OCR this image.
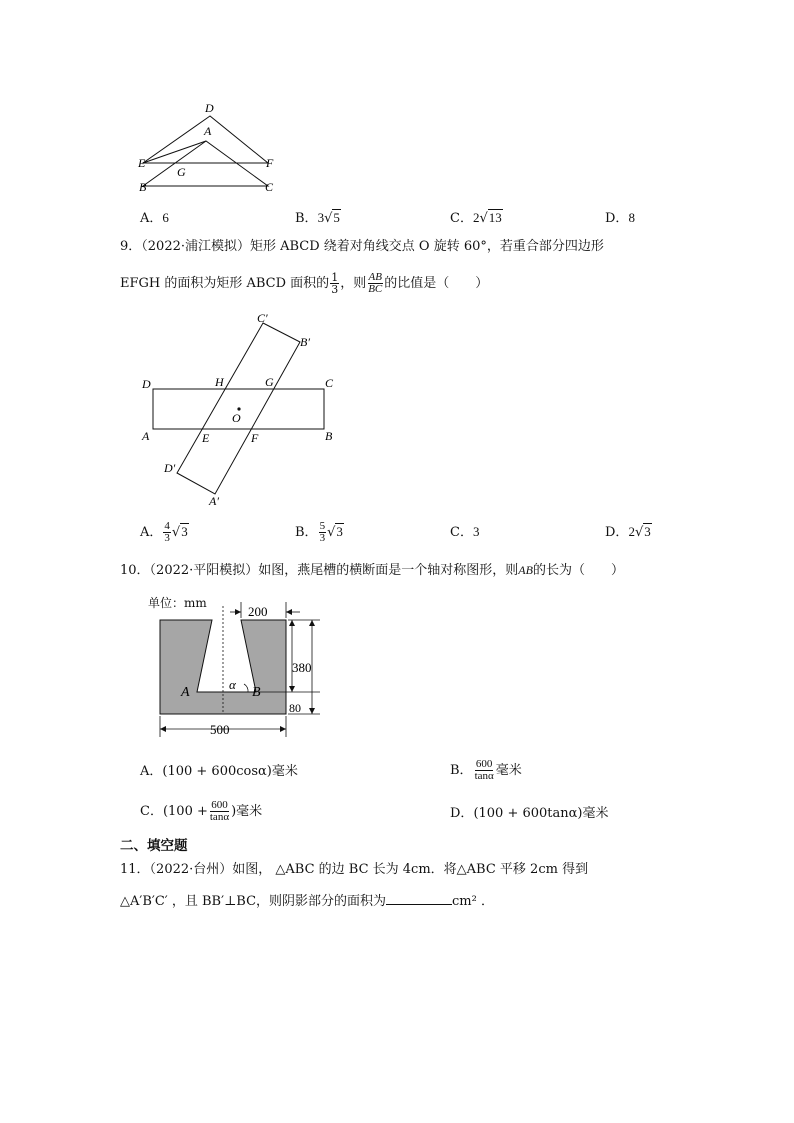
D
A
E	F
G
B	C
A．6	B．3√5	C．2√13	D．8
9．（2022·浦江模拟）矩形 ABCD 绕着对角线交点 O 旋转 60°，若重合部分四边形
EFGH 的面积为矩形 ABCD 面积的 $\frac{1}{3}$ ，则 $\frac{AB}{BC}$ 的比值是（　　）
C′
B′
D	H	G	C
O
A	E	F	B
D′
A′
A． $\frac{4}{3} √3$	B． $\frac{5}{3} √3$	C．3	D．2√3
10．（2022·平阳模拟）如图，燕尾槽的横断面是一个轴对称图形，则AB的长为（　　）
200
380
80
500
A	B
α
单位：mm
A．(100 + 600cosα)毫米	B． $\frac{600}{\tan\alpha}$ 毫米
C．($100 + \frac{600}{\tan\alpha}$ )毫米	D．(100 + 600tanα)毫米
二、填空题
11．（2022·台州）如图， △ABC 的边 BC 长为 4cm．将△ABC 平移 2cm 得到
△A′B′C′ ，且 BB′⊥BC，则阴影部分的面积为	cm² ．
